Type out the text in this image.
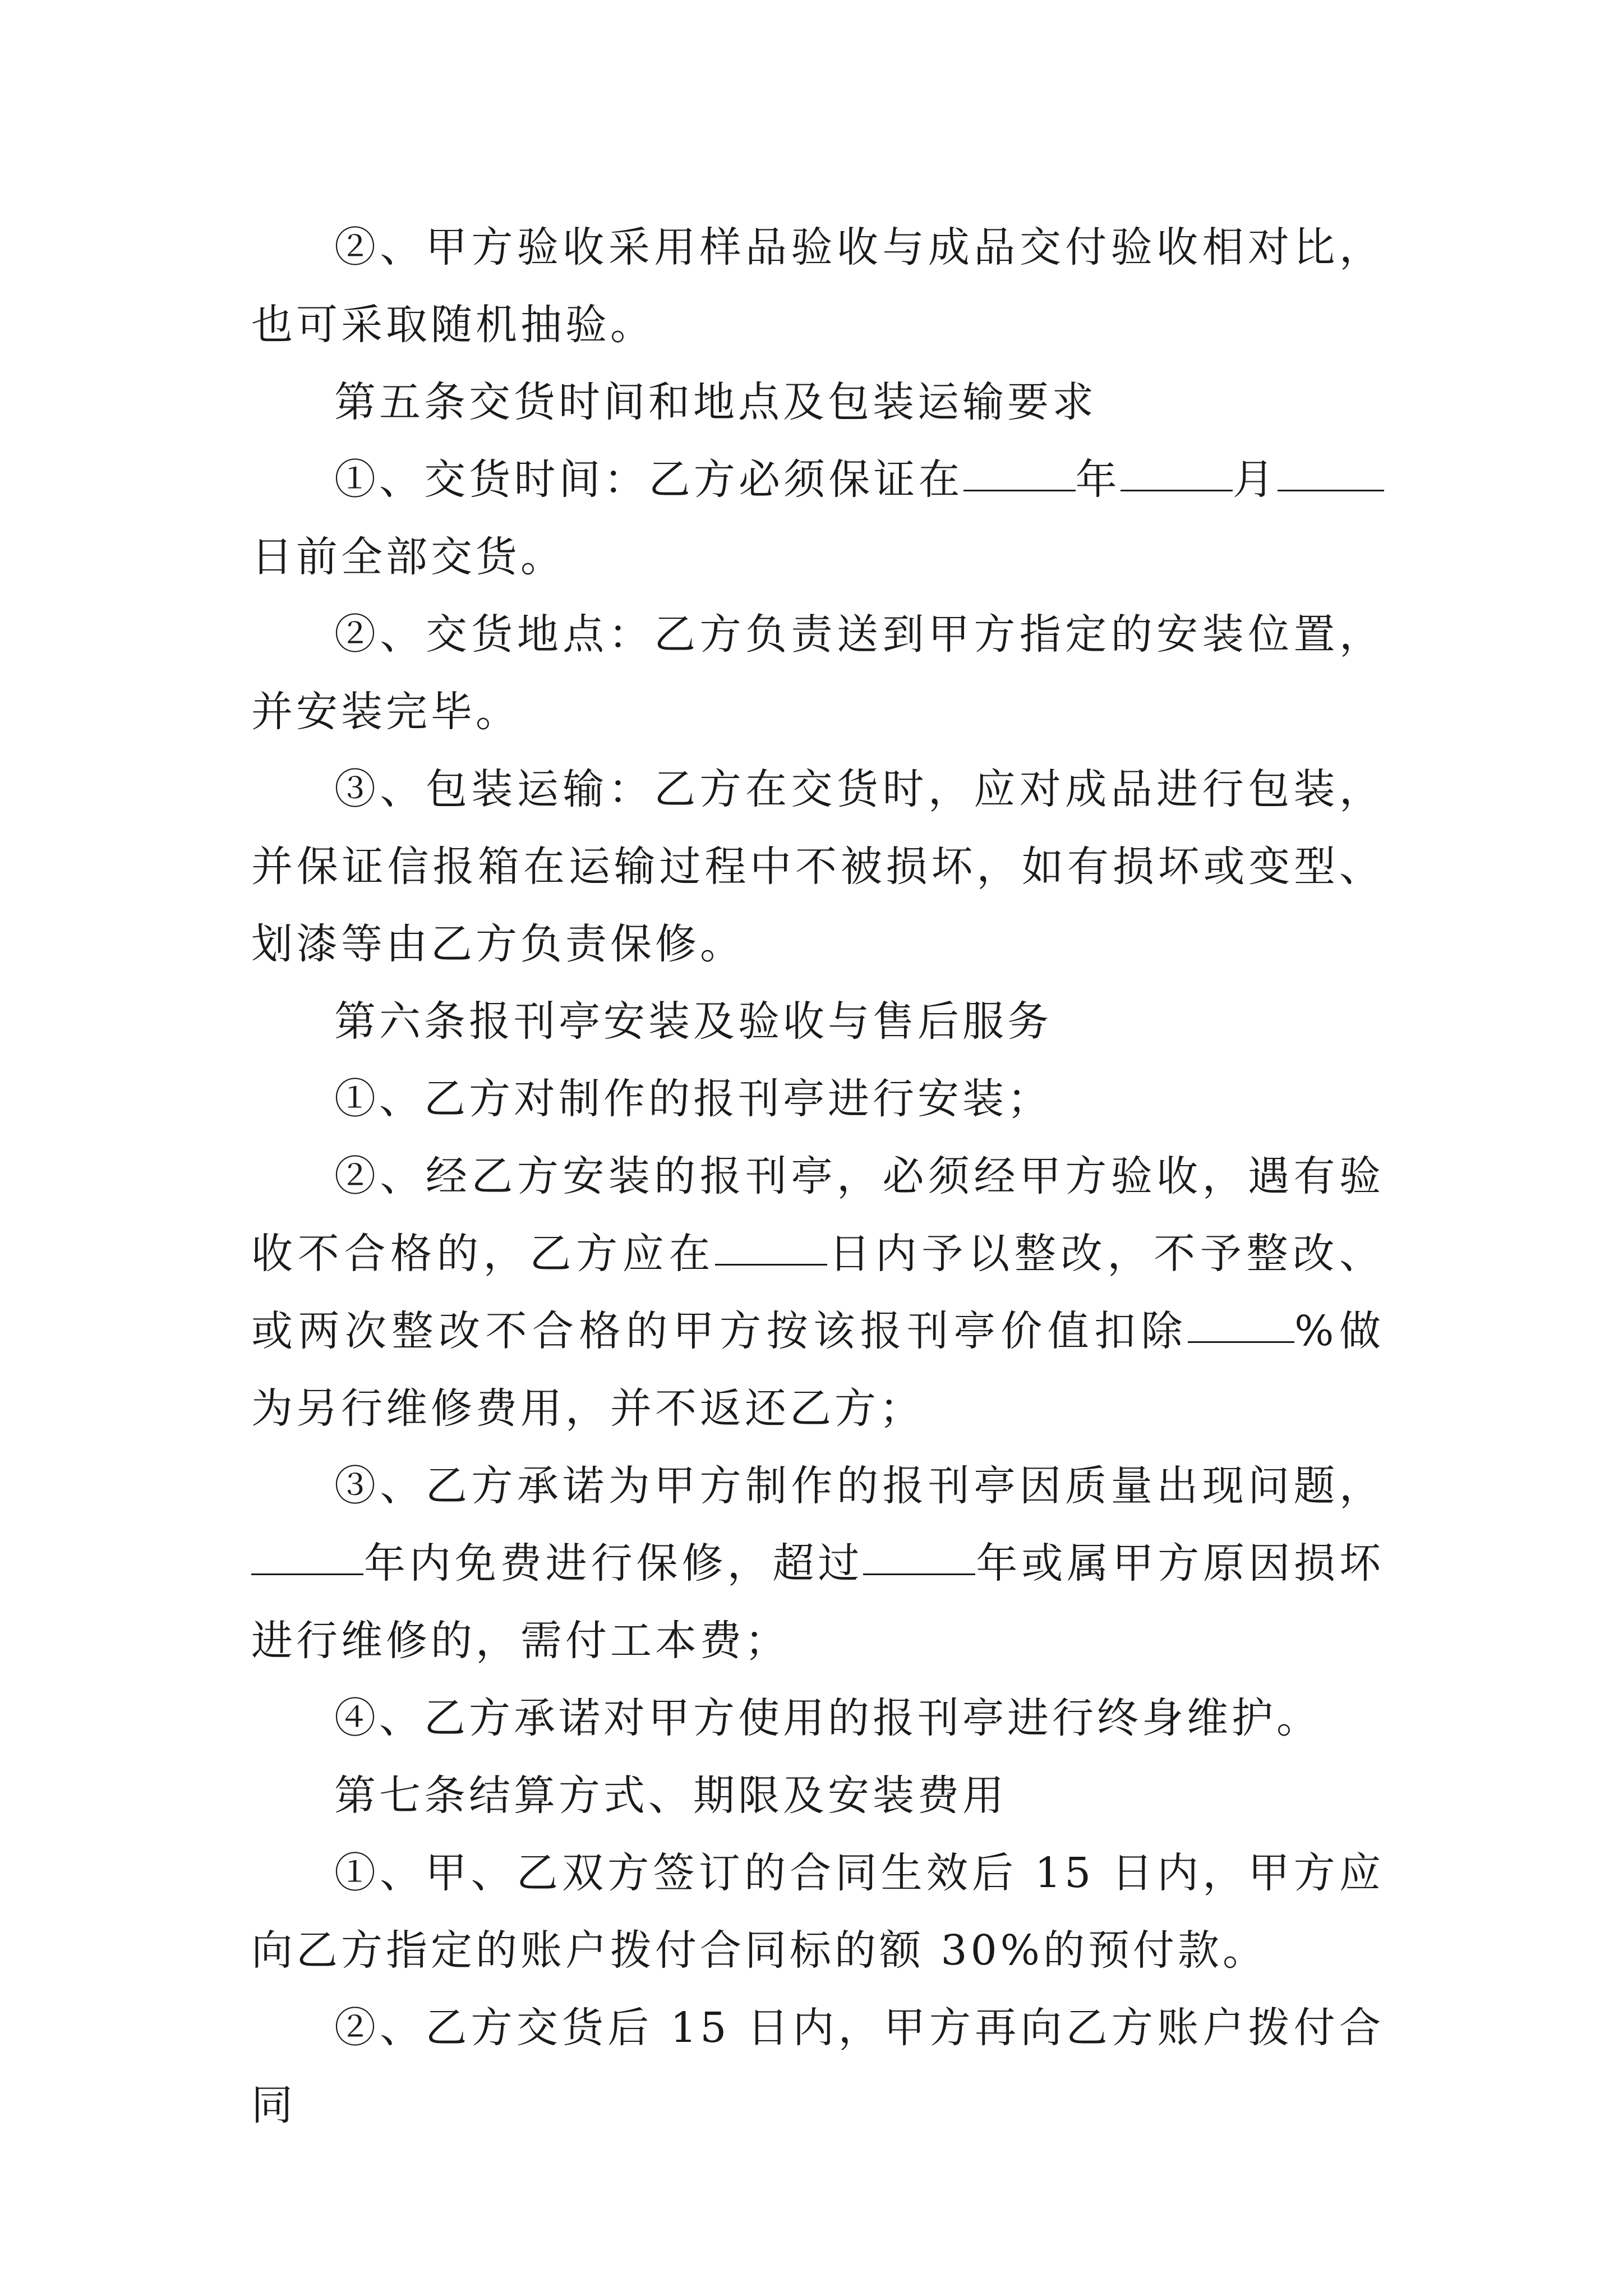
②、甲方验收采用样品验收与成品交付验收相对比，也可采取随机抽验。

第五条交货时间和地点及包装运输要求

①、交货时间：乙方必须保证在	年	月日前全部交货。

②、交货地点：乙方负责送到甲方指定的安装位置，并安装完毕。

③、包装运输：乙方在交货时，应对成品进行包装，并保证信报箱在运输过程中不被损坏，如有损坏或变型、划漆等由乙方负责保修。

第六条报刊亭安装及验收与售后服务

①、乙方对制作的报刊亭进行安装；

②、经乙方安装的报刊亭，必须经甲方验收，遇有验收不合格的，乙方应在	日内予以整改，不予整改、或两次整改不合格的甲方按该报刊亭价值扣除	%做为另行维修费用，并不返还乙方；

③、乙方承诺为甲方制作的报刊亭因质量出现问题，年内免费进行保修，超过	年或属甲方原因损坏进行维修的，需付工本费；

④、乙方承诺对甲方使用的报刊亭进行终身维护。

第七条结算方式、期限及安装费用

①、甲、乙双方签订的合同生效后 15 日内，甲方应向乙方指定的账户拨付合同标的额 30%的预付款。

②、乙方交货后 15 日内，甲方再向乙方账户拨付合同
